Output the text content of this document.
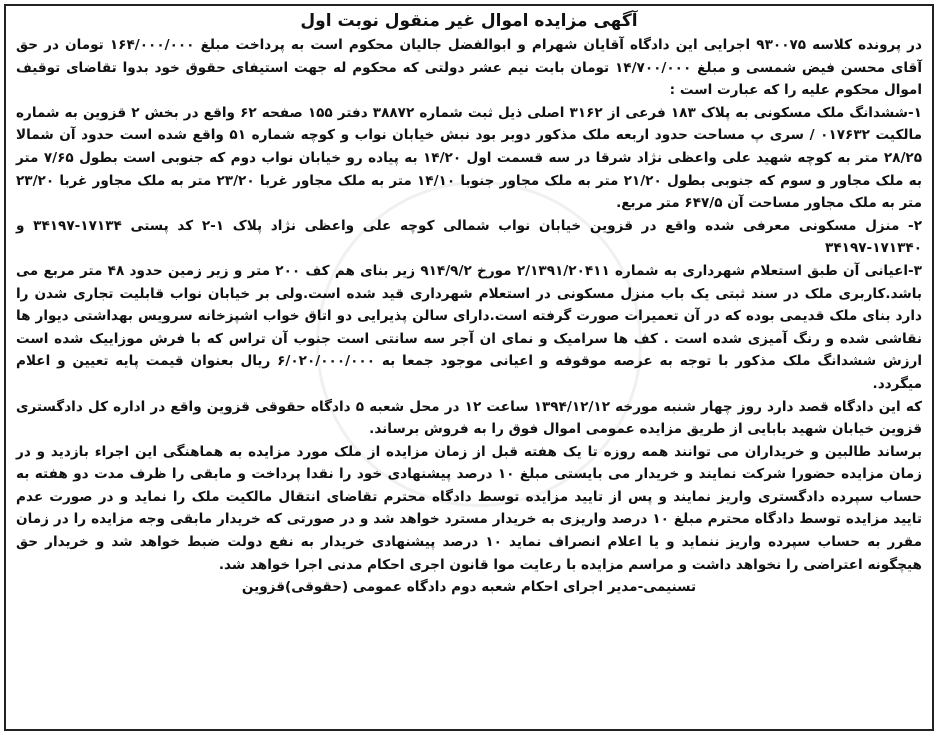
آگهی مزایده اموال غیر منقول نوبت اول

در پرونده کلاسه ۹۳۰۰۷۵ اجرایی این دادگاه آقایان شهرام و ابوالفضل جالیان محکوم است به پرداخت مبلغ ۱۶۴/۰۰۰/۰۰۰ تومان در حق آقای محسن فیض شمسی و مبلغ ۱۴/۷۰۰/۰۰۰ تومان بابت نیم عشر دولتی که محکوم له جهت استیفای حقوق خود بدوا تقاضای توقیف اموال محکوم علیه را که عبارت است :

۱-ششدانگ ملک مسکونی به پلاک ۱۸۳ فرعی از ۳۱۶۲ اصلی ذیل ثبت شماره ۳۸۸۷۲ دفتر ۱۵۵ صفحه ۶۲ واقع در بخش ۲ قزوین به شماره مالکیت ۰۱۷۶۳۲ / سری پ مساحت حدود اربعه ملک مذکور دوبر بود نبش خیابان نواب و کوچه شماره ۵۱ واقع شده است حدود آن شمالا ۲۸/۲۵ متر به کوچه شهید علی واعظی نژاد شرقا در سه قسمت اول ۱۴/۲۰ به پیاده رو خیابان نواب دوم که جنوبی است بطول ۷/۶۵ متر به ملک مجاور و سوم که جنوبی بطول ۲۱/۲۰ متر به ملک مجاور جنوبا ۱۴/۱۰ متر به ملک مجاور غربا ۲۳/۲۰ متر به ملک مجاور غربا ۲۳/۲۰ متر به ملک مجاور مساحت آن ۶۴۷/۵ متر مربع.

۲- منزل مسکونی معرفی شده واقع در قزوین خیابان نواب شمالی کوچه علی واعظی نژاد پلاک ۱-۲ کد پستی ۱۷۱۳۴-۳۴۱۹۷ و ۱۷۱۳۴۰-۳۴۱۹۷

۳-اعیانی آن طبق استعلام شهرداری به شماره ۲/۱۳۹۱/۲۰۴۱۱ مورخ ۹۱۴/۹/۲ زیر بنای هم کف ۲۰۰ متر و زیر زمین حدود ۴۸ متر مربع می باشد.کاربری ملک در سند ثبتی یک باب منزل مسکونی در استعلام شهرداری قید شده است.ولی بر خیابان نواب قابلیت تجاری شدن را دارد بنای ملک قدیمی بوده که در آن تعمیرات صورت گرفته است.دارای سالن پذیرایی دو اتاق خواب اشپزخانه سرویس بهداشتی دیوار ها نقاشی شده و رنگ آمیزی شده است . کف ها سرامیک و نمای ان آجر سه سانتی است جنوب آن تراس که با فرش موزاییک شده است ارزش ششدانگ ملک مذکور با توجه به عرصه موقوفه و اعیانی موجود جمعا به ۶/۰۲۰/۰۰۰/۰۰۰ ریال بعنوان قیمت پایه تعیین و اعلام میگردد.

که این دادگاه قصد دارد روز چهار شنبه مورخه ۱۳۹۴/۱۲/۱۲ ساعت ۱۲ در محل شعبه ۵ دادگاه حقوقی قزوین واقع در اداره کل دادگستری قزوین خیابان شهید بابایی از طریق مزایده عمومی اموال فوق را به فروش برساند.

برساند طالبین و خریداران می توانند همه روزه تا یک هفته قبل از زمان مزایده از ملک مورد مزایده به هماهنگی این اجراء بازدید و در زمان مزایده حضورا شرکت نمایند و خریدار می بایستی مبلغ ۱۰ درصد پیشنهادی خود را نقدا پرداخت و مابقی را ظرف مدت دو هفته به حساب سپرده دادگستری واریز نمایند و پس از تایید مزایده توسط دادگاه محترم تقاضای انتقال مالکیت ملک را نماید و در صورت عدم تایید مزایده توسط دادگاه محترم مبلغ ۱۰ درصد واریزی به خریدار مسترد خواهد شد و در صورتی که خریدار مابقی وجه مزایده را در زمان مقرر به حساب سپرده واریز ننماید و یا اعلام انصراف نماید ۱۰ درصد پیشنهادی خریدار به نفع دولت ضبط خواهد شد و خریدار حق هیچگونه اعتراضی را نخواهد داشت و مراسم مزایده با رعایت موا قانون اجری احکام مدنی اجرا خواهد شد.

تسنیمی-مدیر اجرای احکام شعبه دوم دادگاه عمومی (حقوقی)قزوین
